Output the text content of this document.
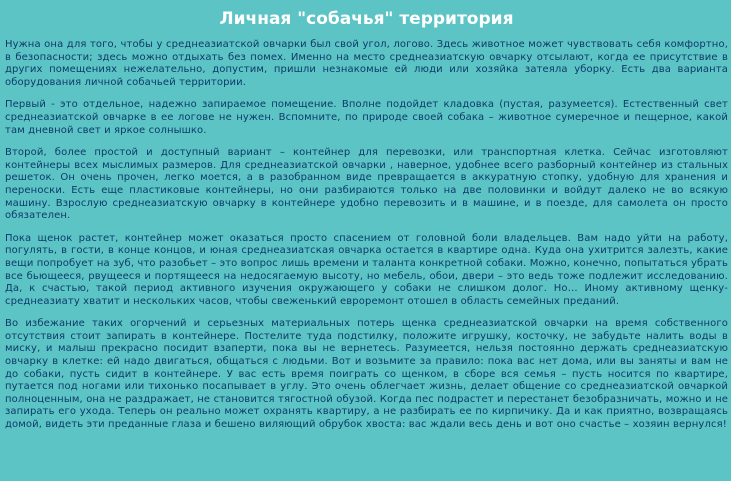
Личная "собачья" территория

Нужна она для того, чтобы у среднеазиатской овчарки был свой угол, логово. Здесь животное может чувствовать себя комфортно, в безопасности; здесь можно отдыхать без помех. Именно на место среднеазиатскую овчарку отсылают, когда ее присутствие в других помещениях нежелательно, допустим, пришли незнакомые ей люди или хозяйка затеяла уборку. Есть два варианта оборудования личной собачьей территории.

Первый - это отдельное, надежно запираемое помещение. Вполне подойдет кладовка (пустая, разумеется). Естественный свет среднеазиатской овчарке в ее логове не нужен. Вспомните, по природе своей собака – животное сумеречное и пещерное, какой там дневной свет и яркое солнышко.

Второй, более простой и доступный вариант – контейнер для перевозки, или транспортная клетка. Сейчас изготовляют контейнеры всех мыслимых размеров. Для среднеазиатской овчарки , наверное, удобнее всего разборный контейнер из стальных решеток. Он очень прочен, легко моется, а в разобранном виде превращается в аккуратную стопку, удобную для хранения и переноски. Есть еще пластиковые контейнеры, но они разбираются только на две половинки и войдут далеко не во всякую машину. Взрослую среднеазиатскую овчарку в контейнере удобно перевозить и в машине, и в поезде, для самолета он просто обязателен.

Пока щенок растет, контейнер может оказаться просто спасением от головной боли владельцев. Вам надо уйти на работу, погулять, в гости, в конце концов, и юная среднеазиатская овчарка остается в квартире одна. Куда она ухитрится залезть, какие вещи попробует на зуб, что разобьет – это вопрос лишь времени и таланта конкретной собаки. Можно, конечно, попытаться убрать все бьющееся, рвущееся и портящееся на недосягаемую высоту, но мебель, обои, двери – это ведь тоже подлежит исследованию. Да, к счастью, такой период активного изучения окружающего у собаки не слишком долог. Но… Иному активному щенку-среднеазиату хватит и нескольких часов, чтобы свеженький евроремонт отошел в область семейных преданий.

Во избежание таких огорчений и серьезных материальных потерь щенка среднеазиатской овчарки на время собственного отсутствия стоит запирать в контейнере. Постелите туда подстилку, положите игрушку, косточку, не забудьте налить воды в миску, и малыш прекрасно посидит взаперти, пока вы не вернетесь. Разумеется, нельзя постоянно держать среднеазиатскую овчарку в клетке: ей надо двигаться, общаться с людьми. Вот и возьмите за правило: пока вас нет дома, или вы заняты и вам не до собаки, пусть сидит в контейнере. У вас есть время поиграть со щенком, в сборе вся семья – пусть носится по квартире, путается под ногами или тихонько посапывает в углу. Это очень облегчает жизнь, делает общение со среднеазиатской овчаркой полноценным, она не раздражает, не становится тягостной обузой. Когда пес подрастет и перестанет безобразничать, можно и не запирать его ухода. Теперь он реально может охранять квартиру, а не разбирать ее по кирпичику. Да и как приятно, возвращаясь домой, видеть эти преданные глаза и бешено виляющий обрубок хвоста: вас ждали весь день и вот оно счастье – хозяин вернулся!
